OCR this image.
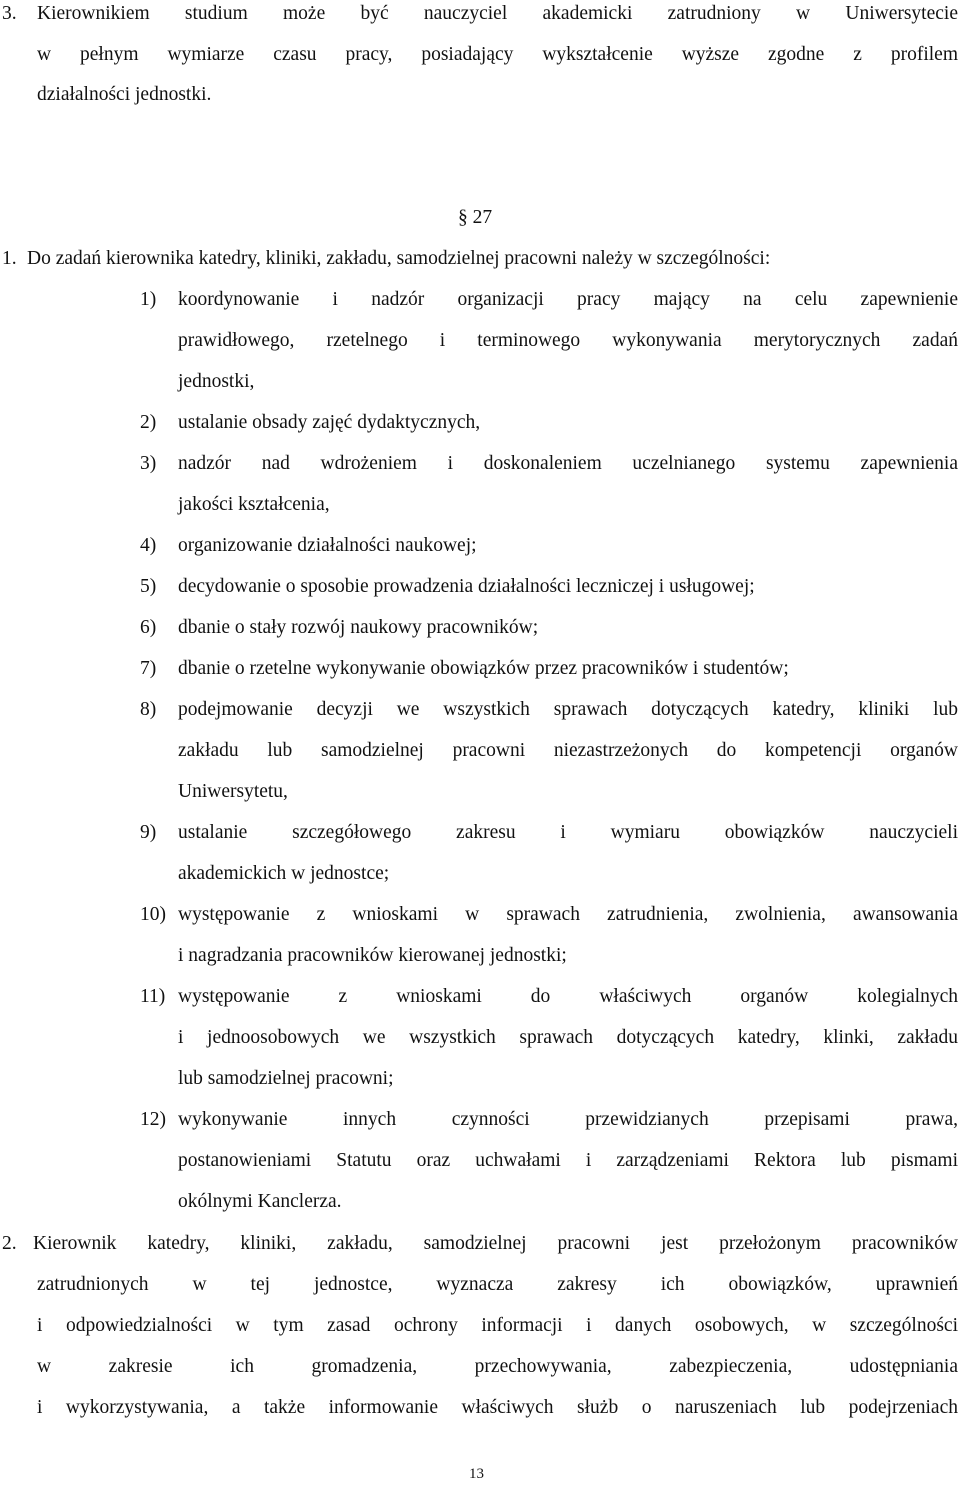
3. Kierownikiem studium może być nauczyciel akademicki zatrudniony w Uniwersytecie
w pełnym wymiarze czasu pracy, posiadający wykształcenie wyższe zgodne z profilem
działalności jednostki.
§ 27
1. Do zadań kierownika katedry, kliniki, zakładu, samodzielnej pracowni należy w szczególności:
1) koordynowanie i nadzór organizacji pracy mający na celu zapewnienie
prawidłowego, rzetelnego i terminowego wykonywania merytorycznych zadań
jednostki,
2) ustalanie obsady zajęć dydaktycznych,
3) nadzór nad wdrożeniem i doskonaleniem uczelnianego systemu zapewnienia
jakości kształcenia,
4) organizowanie działalności naukowej;
5) decydowanie o sposobie prowadzenia działalności leczniczej i usługowej;
6) dbanie o stały rozwój naukowy pracowników;
7) dbanie o rzetelne wykonywanie obowiązków przez pracowników i studentów;
8) podejmowanie decyzji we wszystkich sprawach dotyczących katedry, kliniki lub
zakładu lub samodzielnej pracowni niezastrzeżonych do kompetencji organów
Uniwersytetu,
9) ustalanie szczegółowego zakresu i wymiaru obowiązków nauczycieli
akademickich w jednostce;
10) występowanie z wnioskami w sprawach zatrudnienia, zwolnienia, awansowania
i nagradzania pracowników kierowanej jednostki;
11) występowanie z wnioskami do właściwych organów kolegialnych
i jednoosobowych we wszystkich sprawach dotyczących katedry, klinki, zakładu
lub samodzielnej pracowni;
12) wykonywanie innych czynności przewidzianych przepisami prawa,
postanowieniami Statutu oraz uchwałami i zarządzeniami Rektora lub pismami
okólnymi Kanclerza.
2. Kierownik katedry, kliniki, zakładu, samodzielnej pracowni jest przełożonym pracowników
zatrudnionych w tej jednostce, wyznacza zakresy ich obowiązków, uprawnień
i odpowiedzialności w tym zasad ochrony informacji i danych osobowych, w szczególności
w zakresie ich gromadzenia, przechowywania, zabezpieczenia, udostępniania
i wykorzystywania, a także informowanie właściwych służb o naruszeniach lub podejrzeniach
13
